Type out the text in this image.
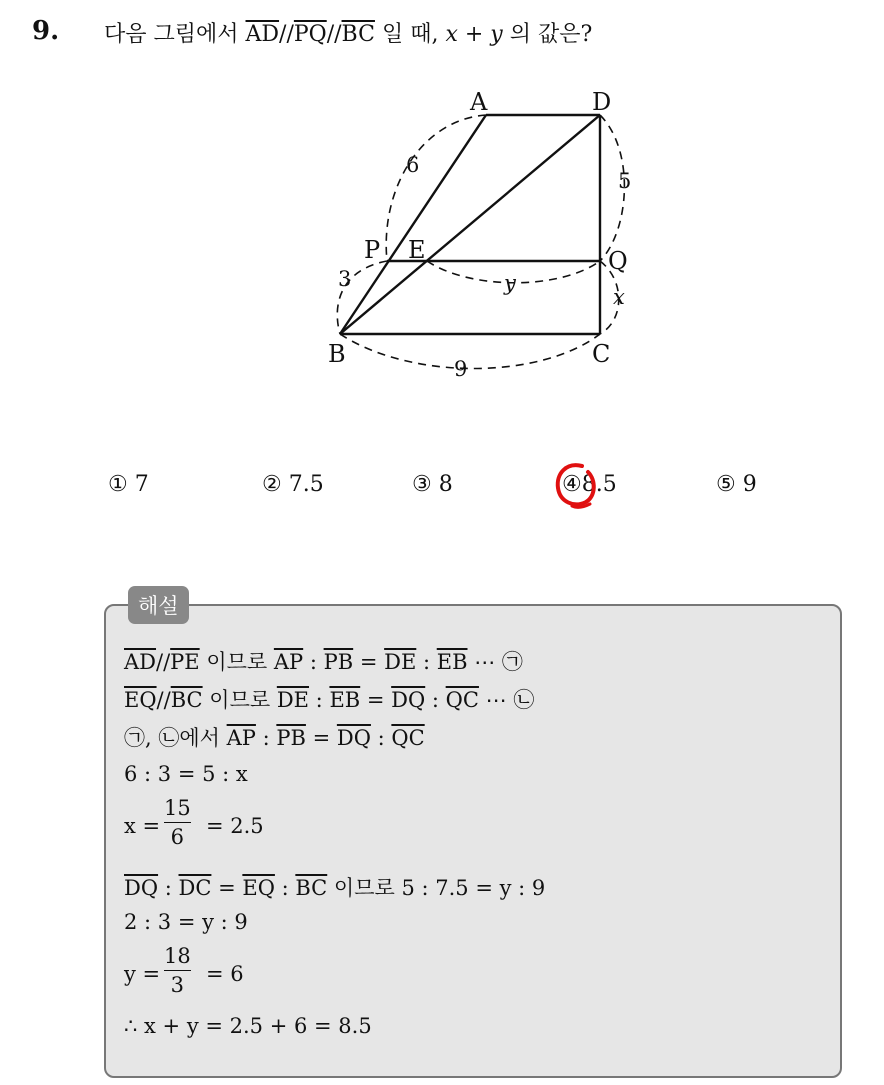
9. 다음 그림에서 $\overline{AD}//\overline{PQ}//\overline{BC}$ 일 때, x + y 의 값은?
A	D
P E	Q
B	C
6
5
3	y
x
9
① 7	② 7.5	③ 8	④8.5	⑤ 9
해설
$\overline{AD}//\overline{PE}$ 이므로 $\overline{AP}$ : $\overline{PB} = \overline{DE}$ : $\overline{EB}$ ⋯ ㉠
$\overline{EQ}//\overline{BC}$ 이므로 $\overline{DE}$ : $\overline{EB} = \overline{DQ}$ : $\overline{QC}$ ⋯ ㉡
㉠, ㉡에서 $\overline{AP}$ : $\overline{PB} = \overline{DQ}$ : $\overline{QC}$
6 : 3 = 5 : x
x =
15
6	= 2.5
$\overline{DQ}$ : $\overline{DC} = \overline{EQ}$ : $\overline{BC}$ 이므로 5 : 7.5 = y : 9
2 : 3 = y : 9
y =
18
3	= 6
∴ x + y = 2.5 + 6 = 8.5
